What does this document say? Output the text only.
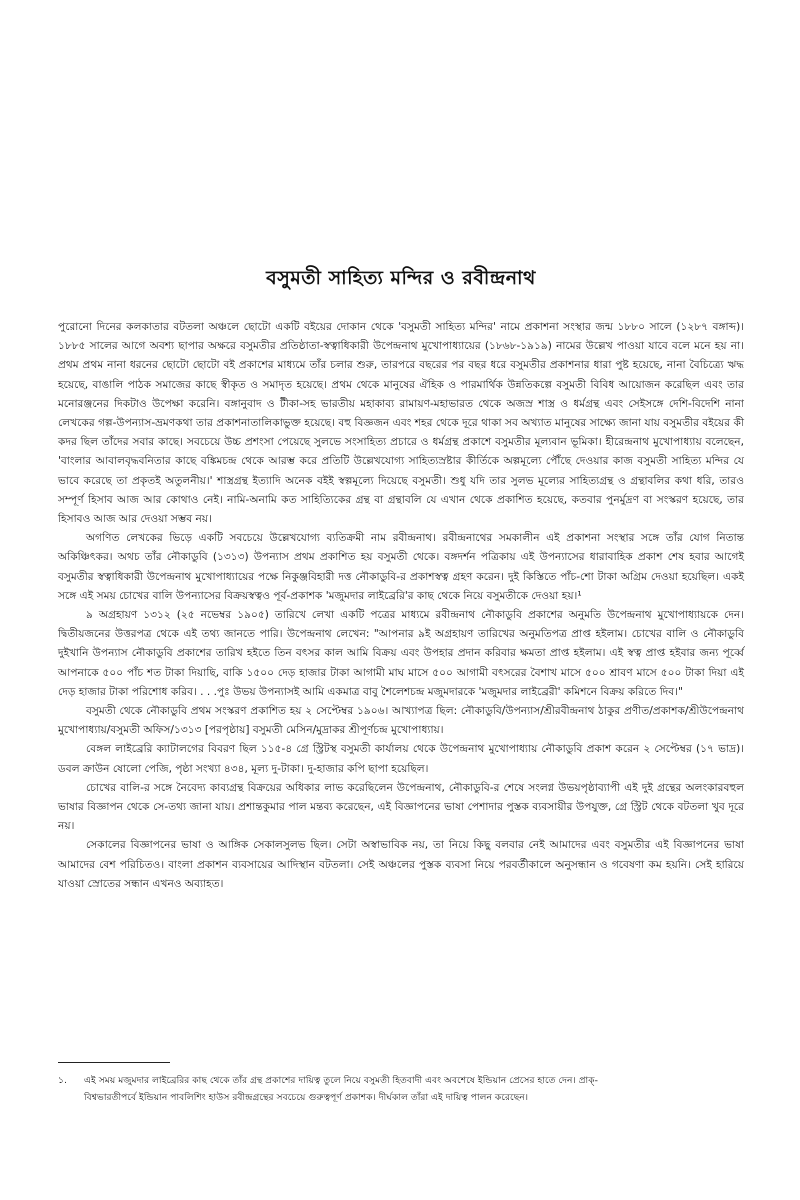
বসুমতী সাহিত্য মন্দির ও রবীন্দ্রনাথ

পুরোনো দিনের কলকাতার বটতলা অঞ্চলে ছোটো একটি বইয়ের দোকান থেকে 'বসুমতী সাহিত্য মন্দির' নামে প্রকাশনা সংস্থার জন্ম ১৮৮০ সালে (১২৮৭ বঙ্গাব্দ)। ১৮৮৫ সালের আগে অবশ্য ছাপার অক্ষরে বসুমতীর প্রতিষ্ঠাতা-স্বত্বাধিকারী উপেন্দ্রনাথ মুখোপাধ্যায়ের (১৮৬৮-১৯১৯) নামের উল্লেখ পাওয়া যাবে বলে মনে হয় না। প্রথম প্রথম নানা ধরনের ছোটো ছোটো বই প্রকাশের মাধ্যমে তাঁর চলার শুরু, তারপরে বছরের পর বছর ধরে বসুমতীর প্রকাশনার ধারা পুষ্ট হয়েছে, নানা বৈচিত্র্যে ঋদ্ধ হয়েছে, বাঙালি পাঠক সমাজের কাছে স্বীকৃত ও সমাদৃত হয়েছে। প্রথম থেকে মানুষের ঐহিক ও পারমার্থিক উন্নতিকল্পে বসুমতী বিবিধ আয়োজন করেছিল এবং তার মনোরঞ্জনের দিকটাও উপেক্ষা করেনি। বঙ্গানুবাদ ও টীকা-সহ ভারতীয় মহাকাব্য রামায়ণ-মহাভারত থেকে অজস্র শাস্ত্র ও ধর্মগ্রন্থ এবং সেইসঙ্গে দেশি-বিদেশি নানা লেখকের গল্প-উপন্যাস-ভ্রমণকথা তার প্রকাশনাতালিকাভুক্ত হয়েছে। বহু বিজ্ঞজন এবং শহর থেকে দূরে থাকা সব অখ্যাত মানুষের সাক্ষ্যে জানা যায় বসুমতীর বইয়ের কী কদর ছিল তাঁদের সবার কাছে। সবচেয়ে উচ্চ প্রশংসা পেয়েছে সুলভে সংসাহিত্য প্রচারে ও ধর্মগ্রন্থ প্রকাশে বসুমতীর মূল্যবান ভূমিকা। হীরেন্দ্রনাথ মুখোপাধ্যায় বলেছেন, 'বাংলার আবালবৃদ্ধবনিতার কাছে বঙ্কিমচন্দ্র থেকে আরম্ভ করে প্রতিটি উল্লেখযোগ্য সাহিত্যস্রষ্টার কীর্তিকে অল্পমূল্যে পৌঁছে দেওয়ার কাজ বসুমতী সাহিত্য মন্দির যে ভাবে করেছে তা প্রকৃতই অতুলনীয়।' শাস্ত্রগ্রন্থ ইত্যাদি অনেক বইই স্বল্পমূল্যে দিয়েছে বসুমতী। শুধু যদি তার সুলভ মূল্যের সাহিত্যগ্রন্থ ও গ্রন্থাবলির কথা ধরি, তারও সম্পূর্ণ হিসাব আজ আর কোথাও নেই। নামি-অনামি কত সাহিত্যিকের গ্রন্থ বা গ্রন্থাবলি যে এখান থেকে প্রকাশিত হয়েছে, কতবার পুনর্মুদ্রণ বা সংস্করণ হয়েছে, তার হিসাবও আজ আর দেওয়া সম্ভব নয়।

অগণিত লেখকের ভিড়ে একটি সবচেয়ে উল্লেখযোগ্য ব্যতিক্রমী নাম রবীন্দ্রনাথ। রবীন্দ্রনাথের সমকালীন এই প্রকাশনা সংস্থার সঙ্গে তাঁর যোগ নিতান্ত অকিঞ্চিৎকর। অথচ তাঁর নৌকাডুবি (১৩১৩) উপন্যাস প্রথম প্রকাশিত হয় বসুমতী থেকে। বঙ্গদর্শন পত্রিকায় এই উপন্যাসের ধারাবাহিক প্রকাশ শেষ হবার আগেই বসুমতীর স্বত্বাধিকারী উপেন্দ্রনাথ মুখোপাধ্যায়ের পক্ষে নিকুঞ্জবিহারী দত্ত নৌকাডুবি-র প্রকাশস্বত্ব গ্রহণ করেন। দুই কিস্তিতে পাঁচ-শো টাকা অগ্রিম দেওয়া হয়েছিল। একই সঙ্গে এই সময় চোখের বালি উপন্যাসের বিক্রয়স্বত্বও পূর্ব-প্রকাশক 'মজুমদার লাইব্রেরি'র কাছ থেকে নিয়ে বসুমতীকে দেওয়া হয়।¹

৯ অগ্রহায়ণ ১৩১২ (২৫ নভেম্বর ১৯০৫) তারিখে লেখা একটি পত্রের মাধ্যমে রবীন্দ্রনাথ নৌকাডুবি প্রকাশের অনুমতি উপেন্দ্রনাথ মুখোপাধ্যায়কে দেন। দ্বিতীয়জনের উত্তরপত্র থেকে এই তথ্য জানতে পারি। উপেন্দ্রনাথ লেখেন: "আপনার ৯ই অগ্রহায়ণ তারিখের অনুমতিপত্র প্রাপ্ত হইলাম। চোখের বালি ও নৌকাডুবি দুইখানি উপন্যাস নৌকাডুবি প্রকাশের তারিখ হইতে তিন বৎসর কাল আমি বিক্রয় এবং উপহার প্রদান করিবার ক্ষমতা প্রাপ্ত হইলাম। এই স্বত্ব প্রাপ্ত হইবার জন্য পূর্ব্বে আপনাকে ৫০০ পাঁচ শত টাকা দিয়াছি, বাকি ১৫০০ দেড় হাজার টাকা আগামী মাঘ মাসে ৫০০ আগামী বৎসরের বৈশাখ মাসে ৫০০ শ্রাবণ মাসে ৫০০ টাকা দিয়া এই দেড় হাজার টাকা পরিশোধ করিব। . . .পুঃ উভয় উপন্যাসই আমি একমাত্র বাবু শৈলেশচন্দ্র মজুমদারকে 'মজুমদার লাইব্রেরী' কমিশনে বিক্রয় করিতে দিব।"

বসুমতী থেকে নৌকাডুবি প্রথম সংস্করণ প্রকাশিত হয় ২ সেপ্টেম্বর ১৯০৬। আখ্যাপত্র ছিল: নৌকাডুবি/উপন্যাস/শ্রীরবীন্দ্রনাথ ঠাকুর প্রণীত/প্রকাশক/শ্রীউপেন্দ্রনাথ মুখোপাধ্যায়/বসুমতী অফিস/১৩১৩ [পরপৃষ্ঠায়] বসুমতী মেসিন/মুদ্রাকর শ্রীপূর্ণচন্দ্র মুখোপাধ্যায়।

বেঙ্গল লাইব্রেরি ক্যাটালগের বিবরণ ছিল ১১৫-৪ গ্রে স্ট্রিটস্থ বসুমতী কার্যালয় থেকে উপেন্দ্রনাথ মুখোপাধ্যায় নৌকাডুবি প্রকাশ করেন ২ সেপ্টেম্বর (১৭ ভাদ্র)। ডবল ক্রাউন ষোলো পেজি, পৃষ্ঠা সংখ্যা ৪৩৪, মূল্য দু-টাকা। দু-হাজার কপি ছাপা হয়েছিল।

চোখের বালি-র সঙ্গে নৈবেদ্য কাব্যগ্রন্থ বিক্রয়ের অধিকার লাভ করেছিলেন উপেন্দ্রনাথ, নৌকাডুবি-র শেষে সংলগ্ন উভয়পৃষ্ঠাব্যাপী এই দুই গ্রন্থের অলংকারবহুল ভাষার বিজ্ঞাপন থেকে সে-তথ্য জানা যায়। প্রশান্তকুমার পাল মন্তব্য করেছেন, এই বিজ্ঞাপনের ভাষা পেশাদার পুস্তক ব্যবসায়ীর উপযুক্ত, গ্রে স্ট্রিট থেকে বটতলা খুব দূরে নয়।

সেকালের বিজ্ঞাপনের ভাষা ও আঙ্গিক সেকালসুলভ ছিল। সেটা অস্বাভাবিক নয়, তা নিয়ে কিছু বলবার নেই আমাদের এবং বসুমতীর এই বিজ্ঞাপনের ভাষা আমাদের বেশ পরিচিতও। বাংলা প্রকাশন ব্যবসায়ের আদিস্থান বটতলা। সেই অঞ্চলের পুস্তক ব্যবসা নিয়ে পরবর্তীকালে অনুসন্ধান ও গবেষণা কম হয়নি। সেই হারিয়ে যাওয়া স্রোতের সন্ধান এখনও অব্যাহত।

১. এই সময় মজুমদার লাইব্রেরির কাছ থেকে তাঁর গ্রন্থ প্রকাশের দায়িত্ব তুলে নিয়ে বসুমতী হিতবাদী এবং অবশেষে ইন্ডিয়ান প্রেসের হাতে দেন। প্রাক্-
বিশ্বভারতীপর্বে ইন্ডিয়ান পাবলিশিং হাউস রবীন্দ্রগ্রন্থের সবচেয়ে গুরুত্বপূর্ণ প্রকাশক। দীর্ঘকাল তাঁরা এই দায়িত্ব পালন করেছেন।
